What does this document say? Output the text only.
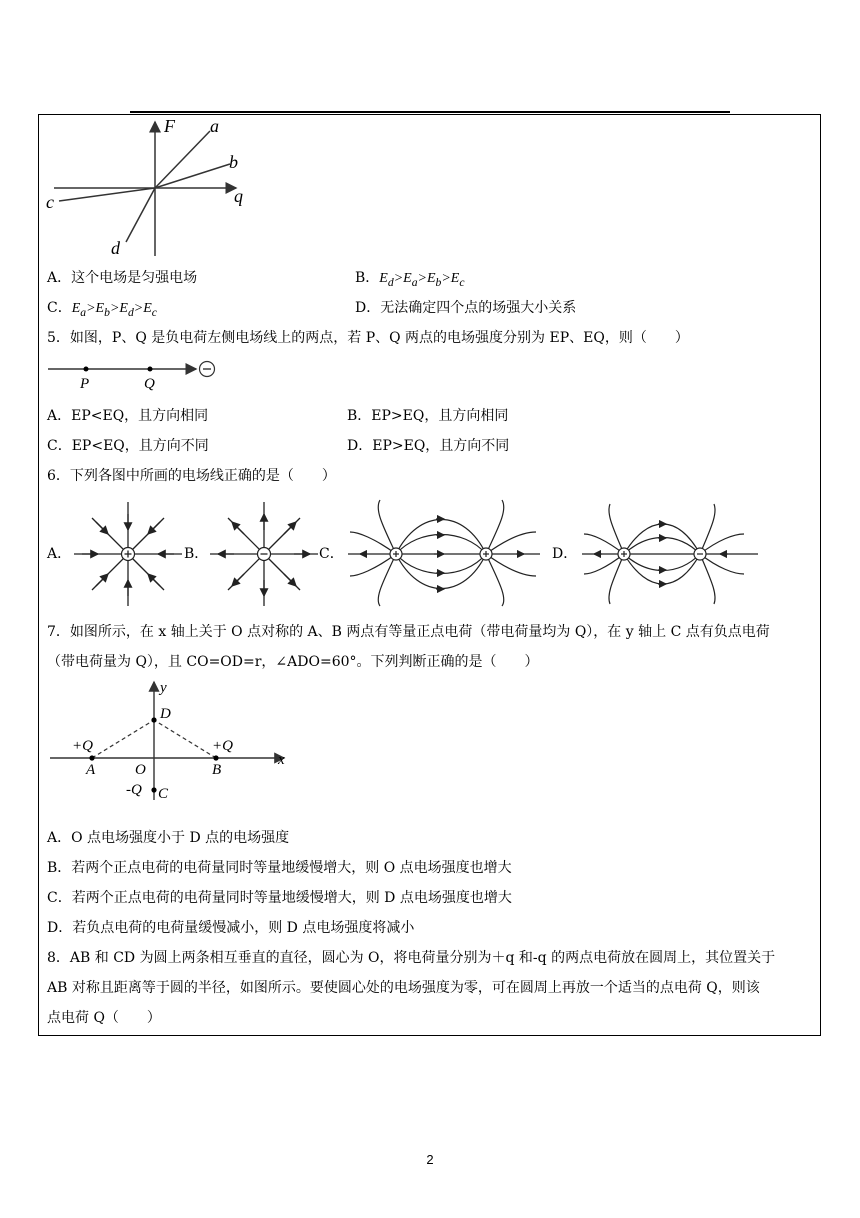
F a
b
q
c
d
A．这个电场是匀强电场	B．$E_d>E_a>E_b>E_c$
C．$E_a>E_b>E_d>E_c$	D．无法确定四个点的场强大小关系
5．如图，P、Q 是负电荷左侧电场线上的两点，若 P、Q 两点的电场强度分别为 EP、EQ，则（　　）
P	Q
A．EP<EQ，且方向相同	B．EP>EQ，且方向相同
C．EP<EQ，且方向不同	D．EP>EQ，且方向不同
6．下列各图中所画的电场线正确的是（　　）
A．	B．	C．	D．
7．如图所示，在 x 轴上关于 O 点对称的 A、B 两点有等量正点电荷（带电荷量均为 Q），在 y 轴上 C 点有负点电荷
（带电荷量为 Q），且 CO=OD=r，∠ADO=60°。下列判断正确的是（　　）
y
x
D
+Q	+Q
A	O	B
-Q C
A．O 点电场强度小于 D 点的电场强度
B．若两个正点电荷的电荷量同时等量地缓慢增大，则 O 点电场强度也增大
C．若两个正点电荷的电荷量同时等量地缓慢增大，则 D 点电场强度也增大
D．若负点电荷的电荷量缓慢减小，则 D 点电场强度将减小
8．AB 和 CD 为圆上两条相互垂直的直径，圆心为 O，将电荷量分别为＋q 和-q 的两点电荷放在圆周上，其位置关于
AB 对称且距离等于圆的半径，如图所示。要使圆心处的电场强度为零，可在圆周上再放一个适当的点电荷 Q，则该
点电荷 Q（　　）
2
